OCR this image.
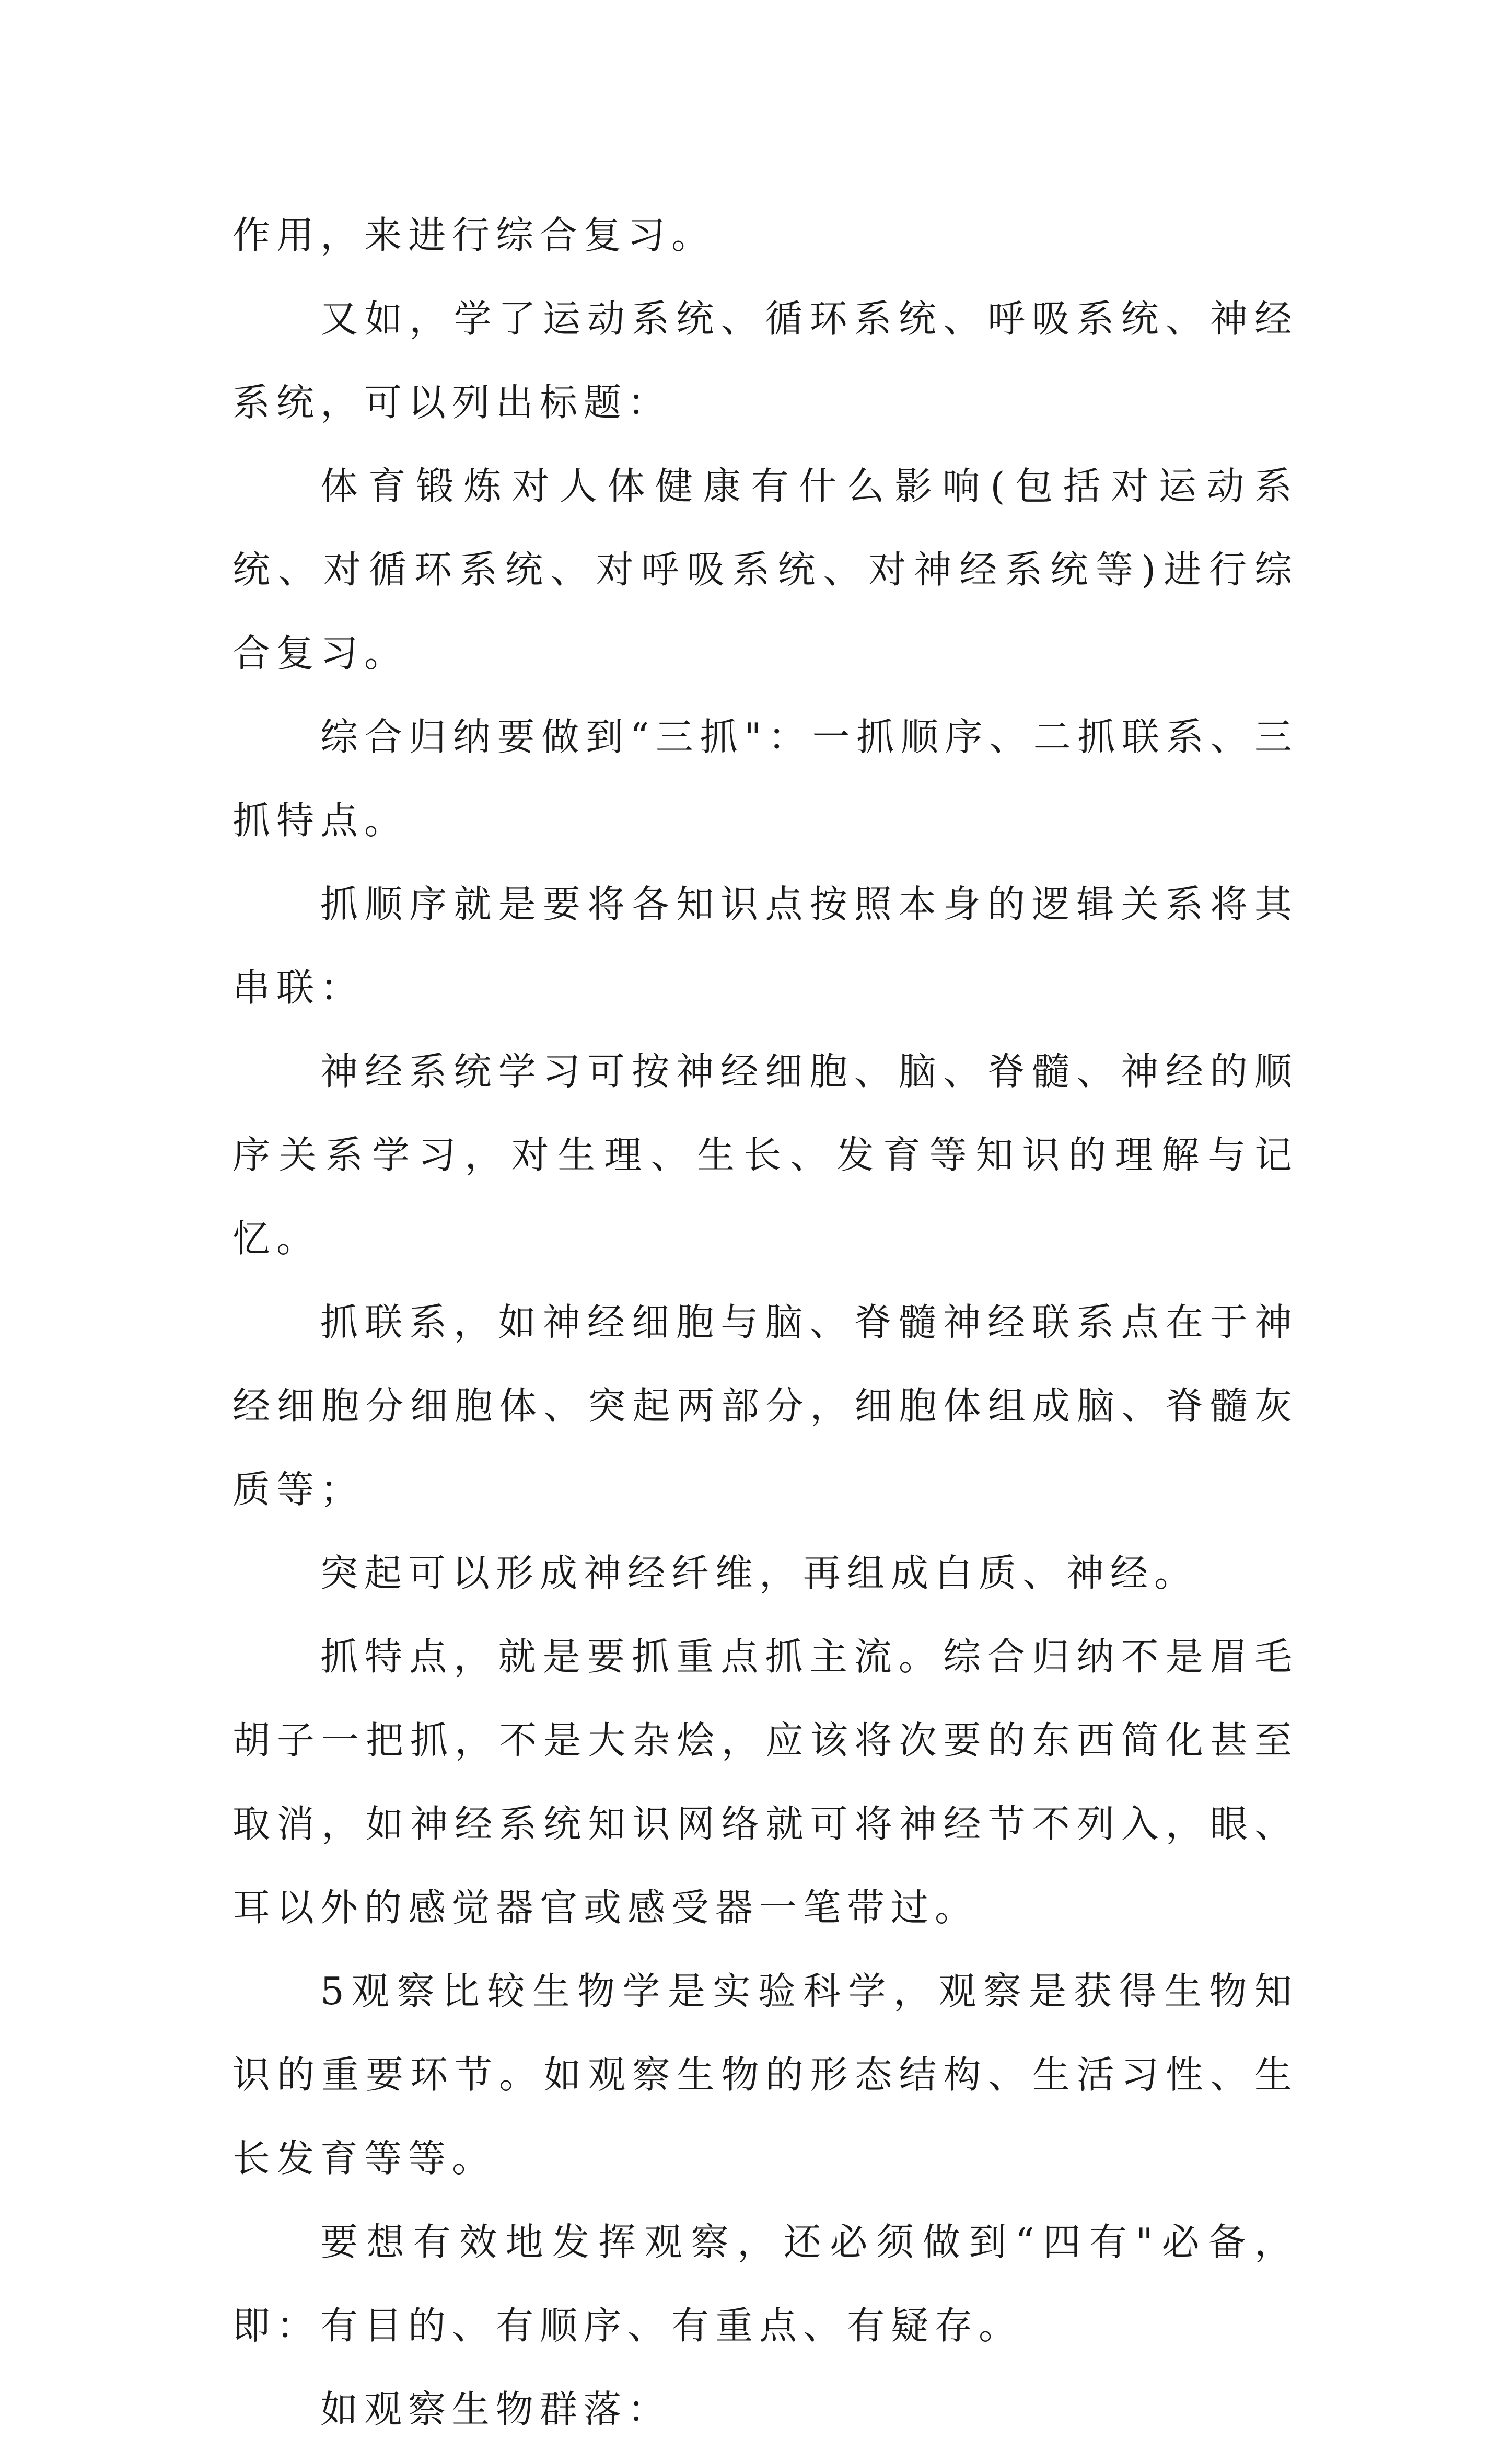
作用，来进行综合复习。

又如，学了运动系统、循环系统、呼吸系统、神经系统，可以列出标题：

体育锻炼对人体健康有什么影响(包括对运动系统、对循环系统、对呼吸系统、对神经系统等)进行综合复习。

综合归纳要做到“三抓"：一抓顺序、二抓联系、三抓特点。

抓顺序就是要将各知识点按照本身的逻辑关系将其串联：

神经系统学习可按神经细胞、脑、脊髓、神经的顺序关系学习，对生理、生长、发育等知识的理解与记忆。

抓联系，如神经细胞与脑、脊髓神经联系点在于神经细胞分细胞体、突起两部分，细胞体组成脑、脊髓灰质等；

突起可以形成神经纤维，再组成白质、神经。

抓特点，就是要抓重点抓主流。综合归纳不是眉毛胡子一把抓，不是大杂烩，应该将次要的东西简化甚至取消，如神经系统知识网络就可将神经节不列入，眼、耳以外的感觉器官或感受器一笔带过。

5观察比较生物学是实验科学，观察是获得生物知识的重要环节。如观察生物的形态结构、生活习性、生长发育等等。

要想有效地发挥观察，还必须做到“四有"必备，即：有目的、有顺序、有重点、有疑存。

如观察生物群落：
